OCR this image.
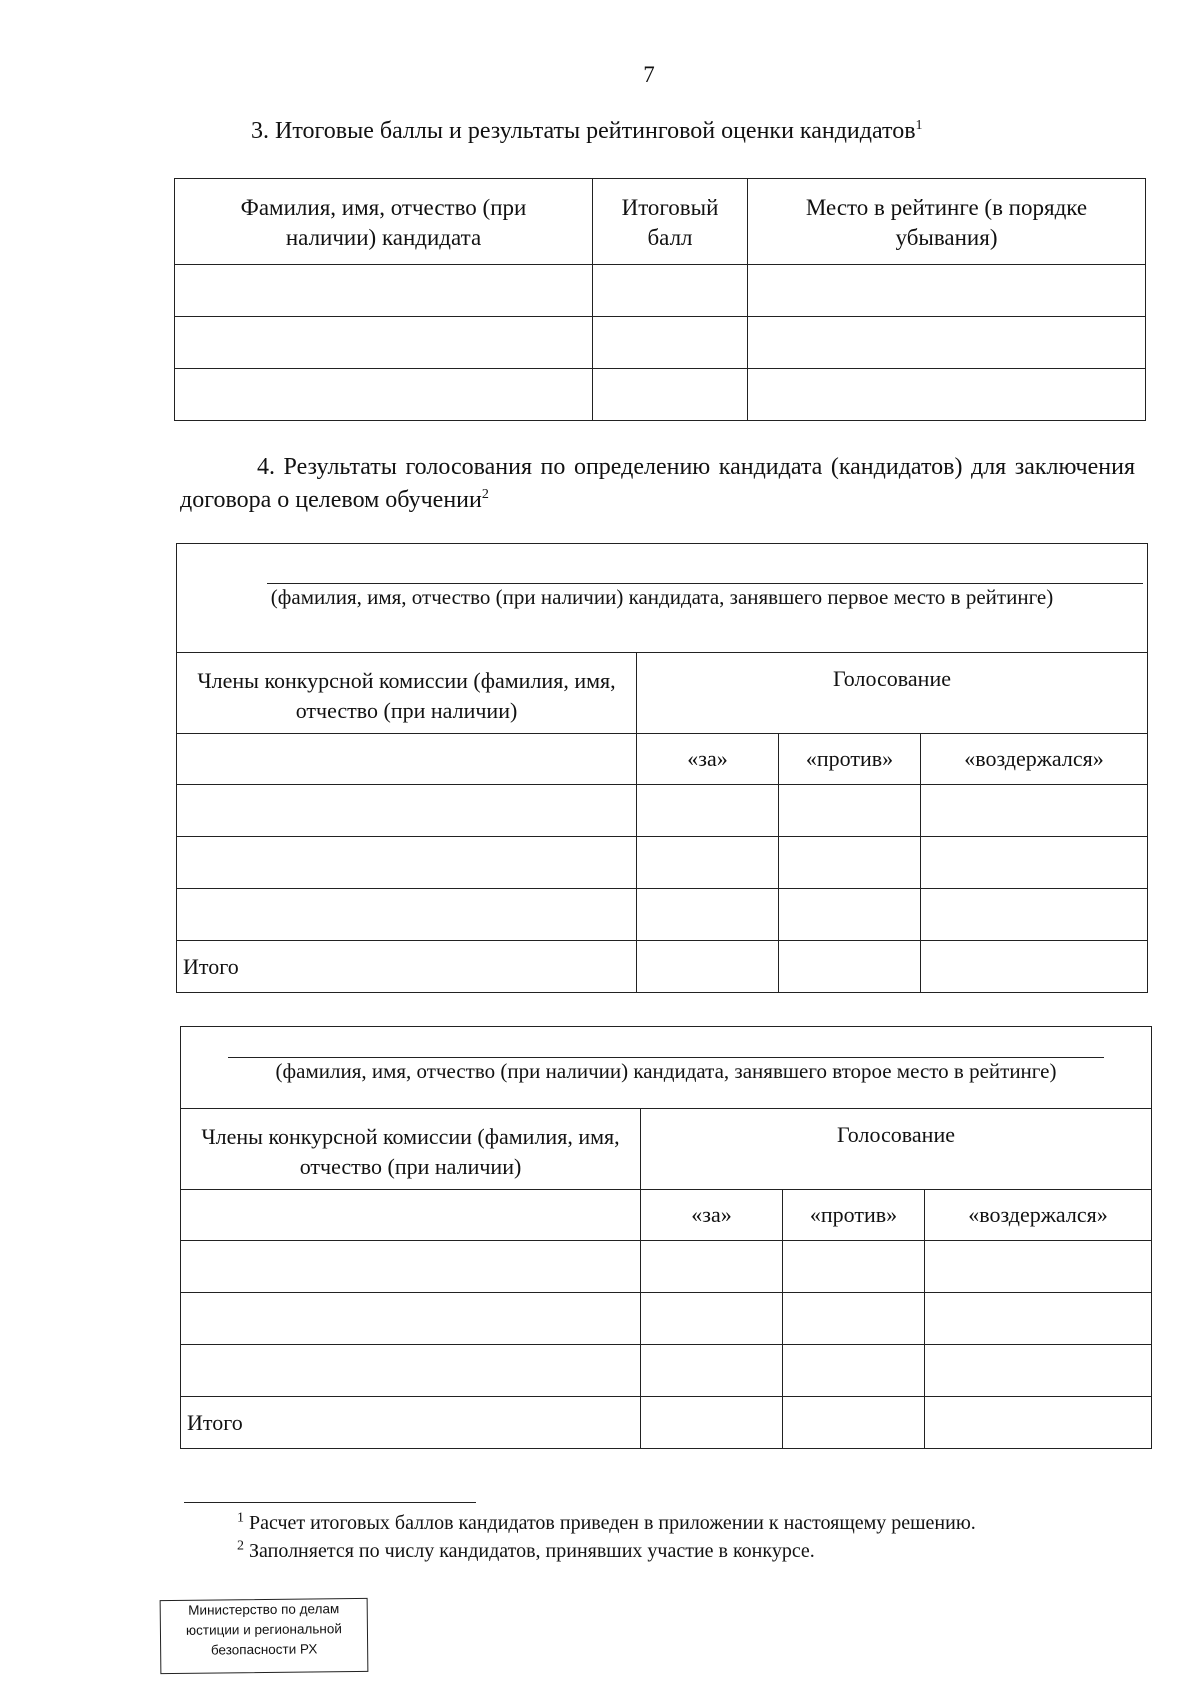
7
3. Итоговые баллы и результаты рейтинговой оценки кандидатов$^1$
Фамилия, имя, отчество (при наличии) кандидата	Итоговый балл	Место в рейтинге (в порядке убывания)

4. Результаты голосования по определению кандидата (кандидатов) для заключения договора о целевом обучении$^2$
(фамилия, имя, отчество (при наличии) кандидата, занявшего первое место в рейтинге)			

Члены конкурсной комиссии (фамилия, имя, отчество (при наличии)	Голосование		
	«за»	«против»	«воздержался»

Итого			
(фамилия, имя, отчество (при наличии) кандидата, занявшего второе место в рейтинге)			

Члены конкурсной комиссии (фамилия, имя, отчество (при наличии)	Голосование		
	«за»	«против»	«воздержался»

Итого			
$^1$ Расчет итоговых баллов кандидатов приведен в приложении к настоящему решению.
$^2$ Заполняется по числу кандидатов, принявших участие в конкурсе.
Министерство по делам
юстиции и региональной
безопасности РХ
